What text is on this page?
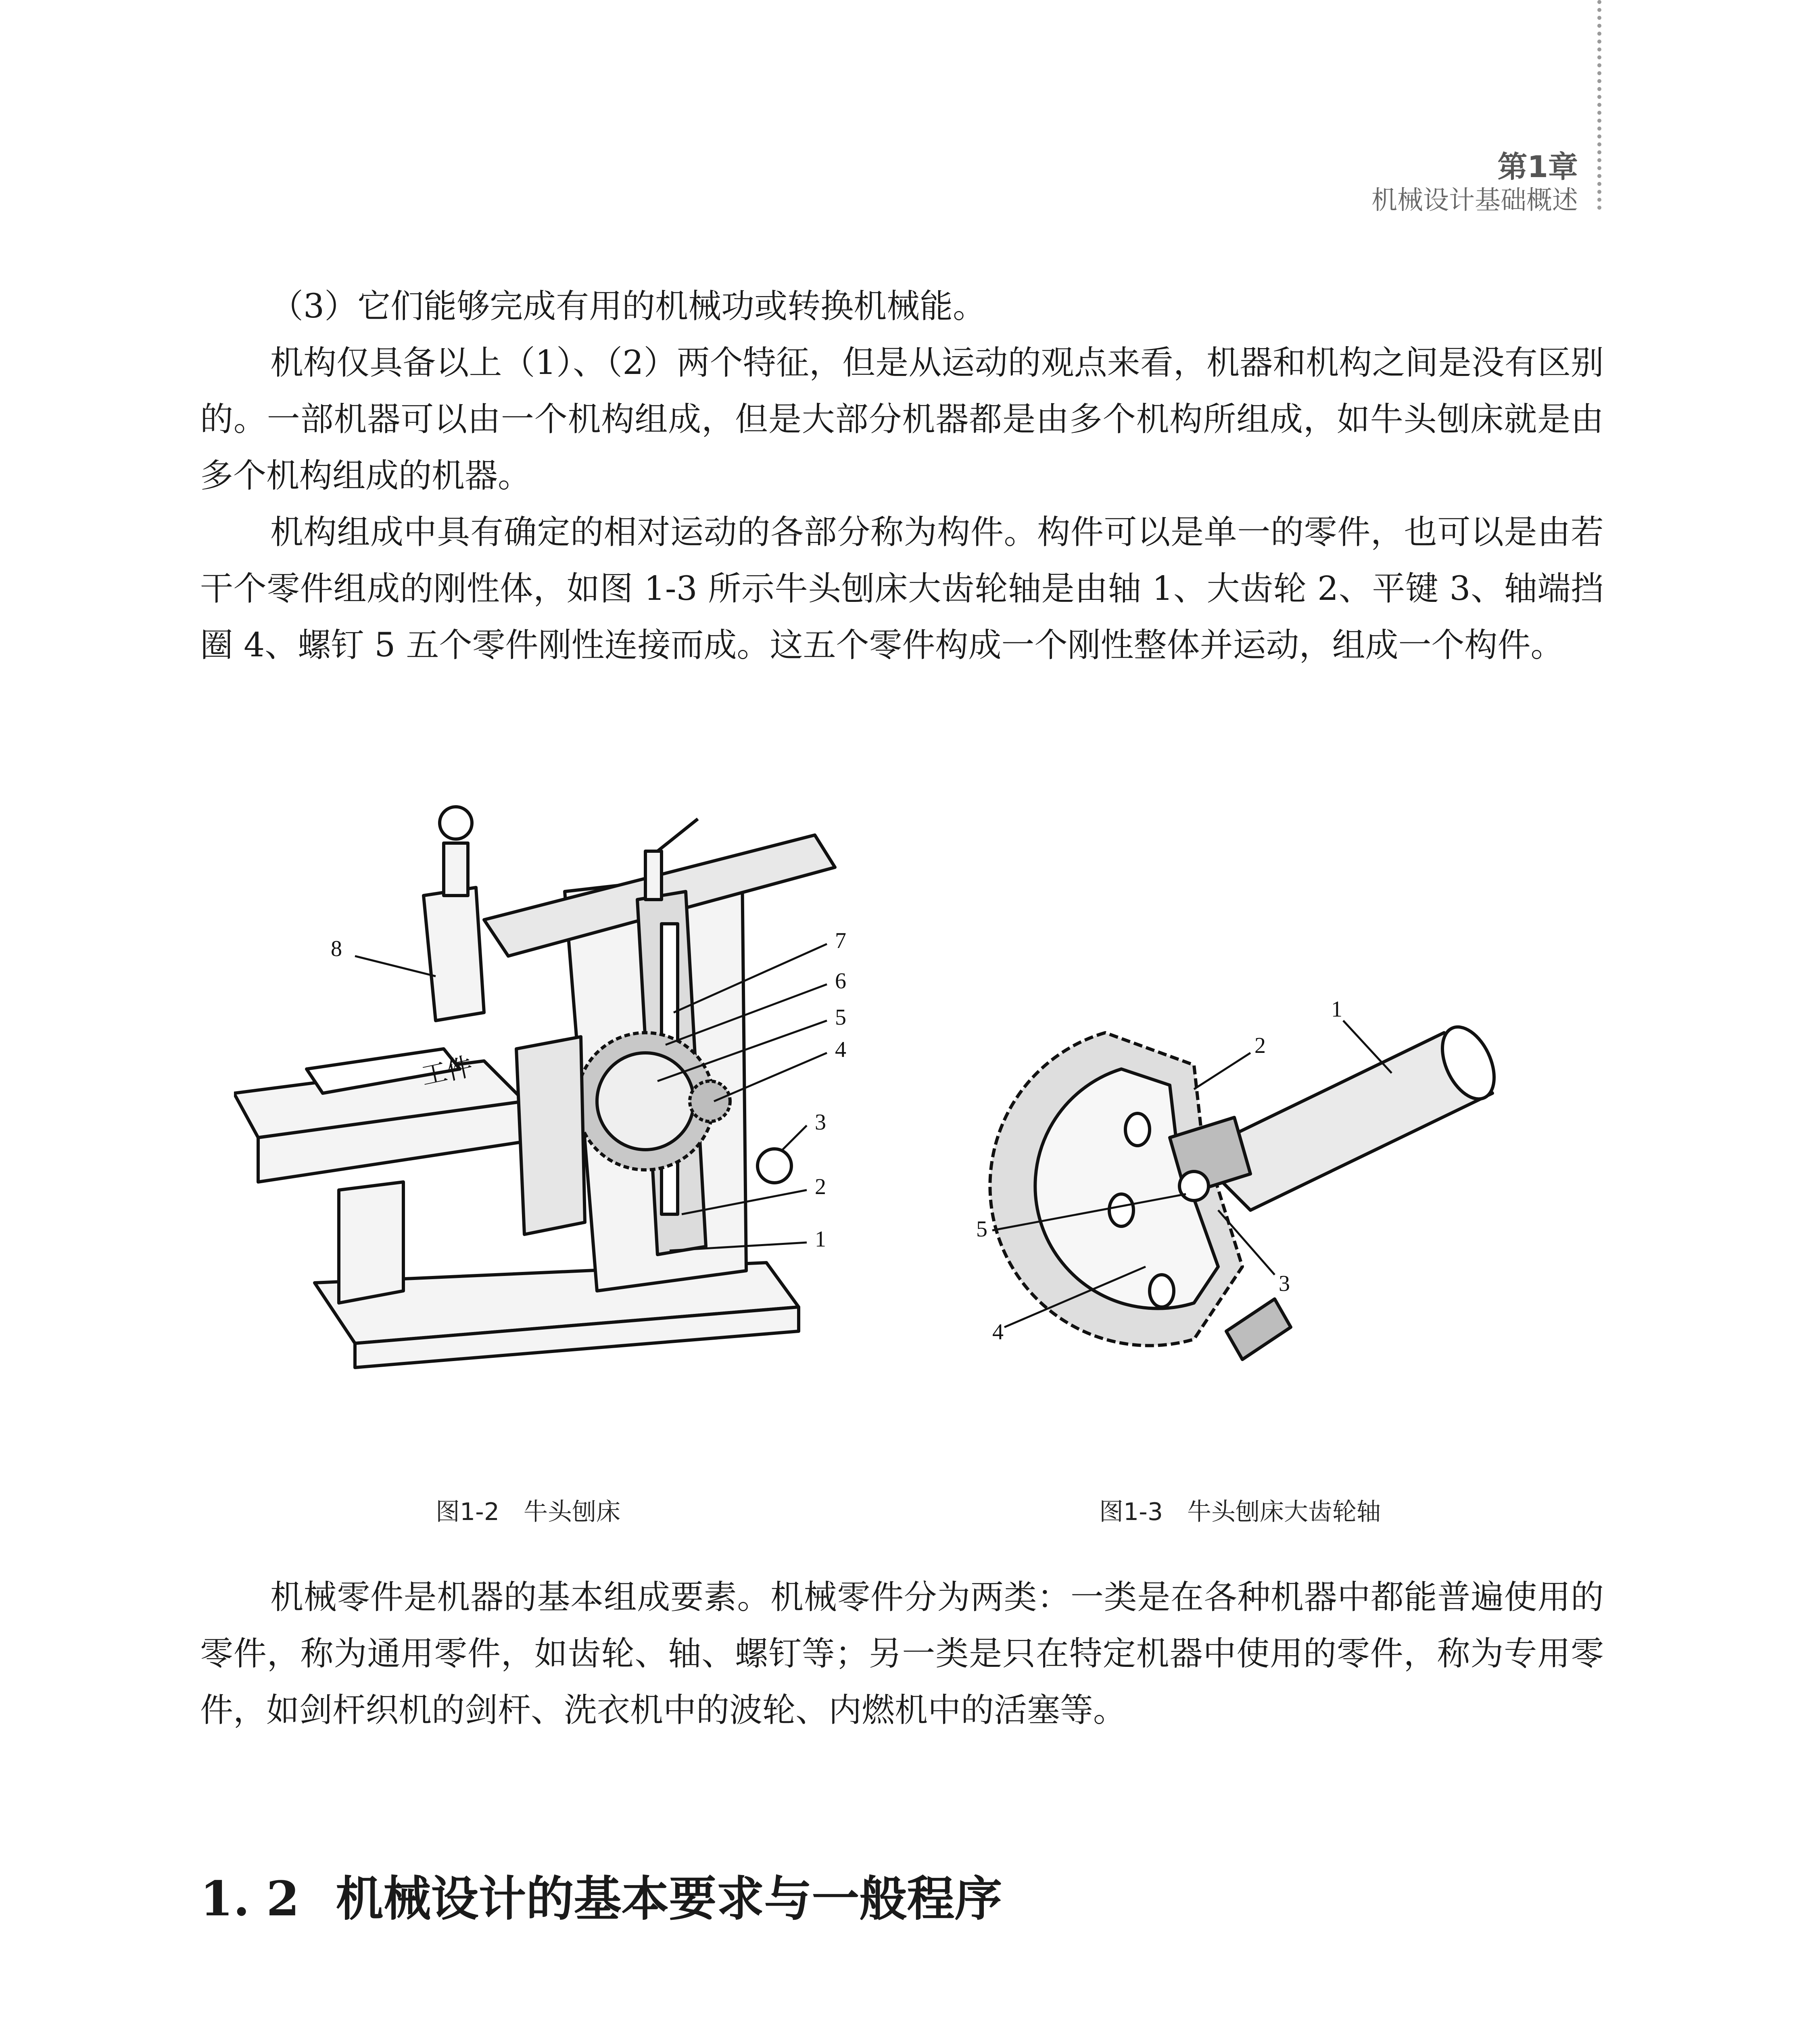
第1章
机械设计基础概述
（3）它们能够完成有用的机械功或转换机械能。
机构仅具备以上（1）、（2）两个特征，但是从运动的观点来看，机器和机构之间是没有区别的。一部机器可以由一个机构组成，但是大部分机器都是由多个机构所组成，如牛头刨床就是由多个机构组成的机器。
机构组成中具有确定的相对运动的各部分称为构件。构件可以是单一的零件，也可以是由若干个零件组成的刚性体，如图 1-3 所示牛头刨床大齿轮轴是由轴 1、大齿轮 2、平键 3、轴端挡圈 4、螺钉 5 五个零件刚性连接而成。这五个零件构成一个刚性整体并运动，组成一个构件。
工件
8	7
6
5
4
3
2
1
1
2
3
4
5
图1-2 牛头刨床	图1-3 牛头刨床大齿轮轴
机械零件是机器的基本组成要素。机械零件分为两类：一类是在各种机器中都能普遍使用的零件，称为通用零件，如齿轮、轴、螺钉等；另一类是只在特定机器中使用的零件，称为专用零件，如剑杆织机的剑杆、洗衣机中的波轮、内燃机中的活塞等。
1. 2 机械设计的基本要求与一般程序
